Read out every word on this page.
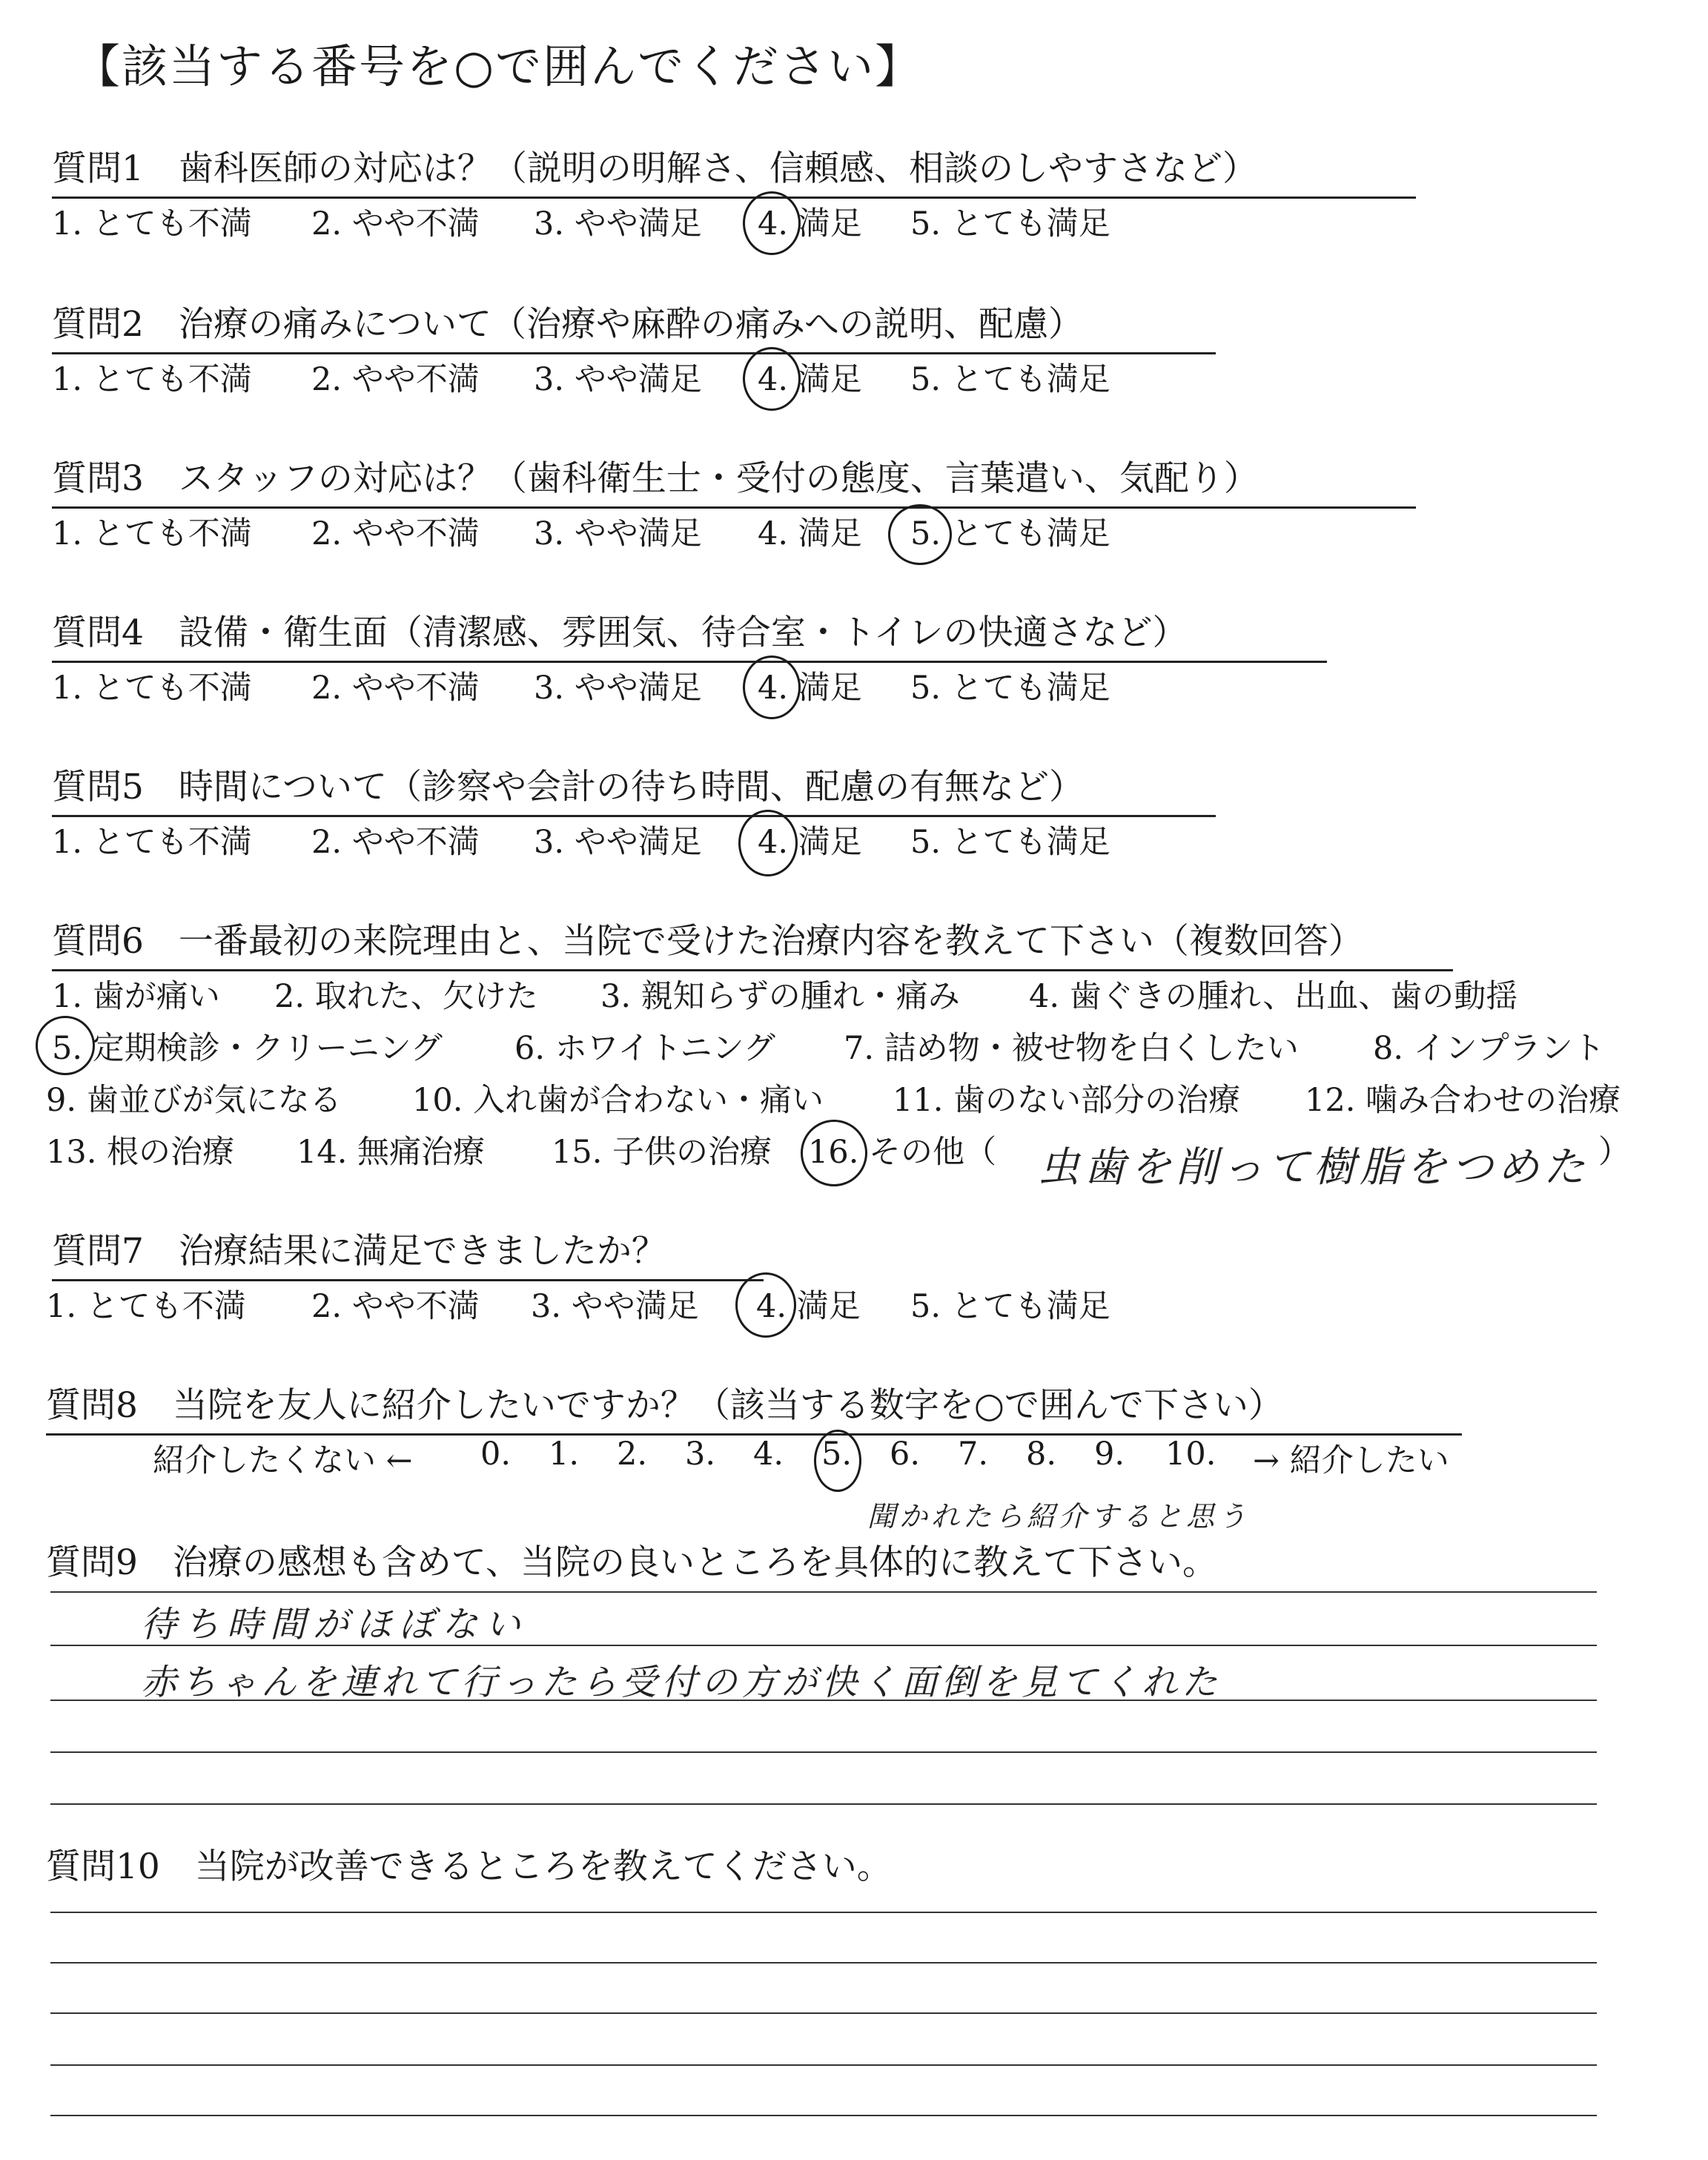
【該当する番号を○で囲んでください】
質問1　歯科医師の対応は？（説明の明解さ、信頼感、相談のしやすさなど）
1. とても不満 2. やや不満 3. やや満足 4. 満足 5. とても満足
質問2　治療の痛みについて（治療や麻酔の痛みへの説明、配慮）
1. とても不満 2. やや不満 3. やや満足 4. 満足 5. とても満足
質問3　スタッフの対応は？（歯科衛生士・受付の態度、言葉遣い、気配り）
1. とても不満 2. やや不満 3. やや満足 4. 満足 5. とても満足
質問4　設備・衛生面（清潔感、雰囲気、待合室・トイレの快適さなど）
1. とても不満 2. やや不満 3. やや満足 4. 満足 5. とても満足
質問5　時間について（診察や会計の待ち時間、配慮の有無など）
1. とても不満 2. やや不満 3. やや満足 4. 満足 5. とても満足
質問6　一番最初の来院理由と、当院で受けた治療内容を教えて下さい（複数回答）
1. 歯が痛い 2. 取れた、欠けた 3. 親知らずの腫れ・痛み 4. 歯ぐきの腫れ、出血、歯の動揺
5. 定期検診・クリーニング 6. ホワイトニング 7. 詰め物・被せ物を白くしたい 8. インプラント
9. 歯並びが気になる 10. 入れ歯が合わない・痛い 11. 歯のない部分の治療 12. 噛み合わせの治療
13. 根の治療 14. 無痛治療 15. 子供の治療 16. その他（	）
虫歯を削って樹脂をつめた
質問7　治療結果に満足できましたか？
1. とても不満 2. やや不満 3. やや満足 4. 満足 5. とても満足
質問8　当院を友人に紹介したいですか？（該当する数字を○で囲んで下さい）
紹介したくない ← 0. 1. 2. 3. 4. 5. 6. 7. 8. 9. 10. → 紹介したい
聞かれたら紹介すると思う
質問9　治療の感想も含めて、当院の良いところを具体的に教えて下さい。
待ち時間がほぼない
赤ちゃんを連れて行ったら受付の方が快く面倒を見てくれた
質問10　当院が改善できるところを教えてください。
